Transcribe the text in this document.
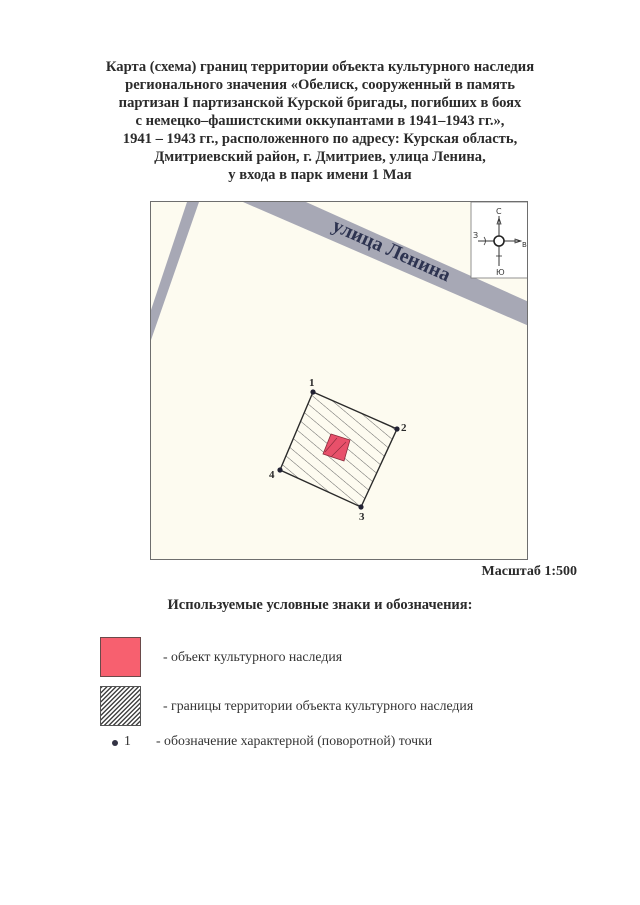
Карта (схема) границ территории объекта культурного наследия
регионального значения «Обелиск, сооруженный в память
партизан I партизанской Курской бригады, погибших в боях
с немецко–фашистскими оккупантами в 1941–1943 гг.»,
1941 – 1943 гг., расположенного по адресу: Курская область,
Дмитриевский район, г. Дмитриев, улица Ленина,
у входа в парк имени 1 Мая
улица Ленина
С
З
В
Ю
1
2
3
4
Масштаб 1:500
Используемые условные знаки и обозначения:
- объект культурного наследия
- границы территории объекта культурного наследия
1 - обозначение характерной (поворотной) точки
